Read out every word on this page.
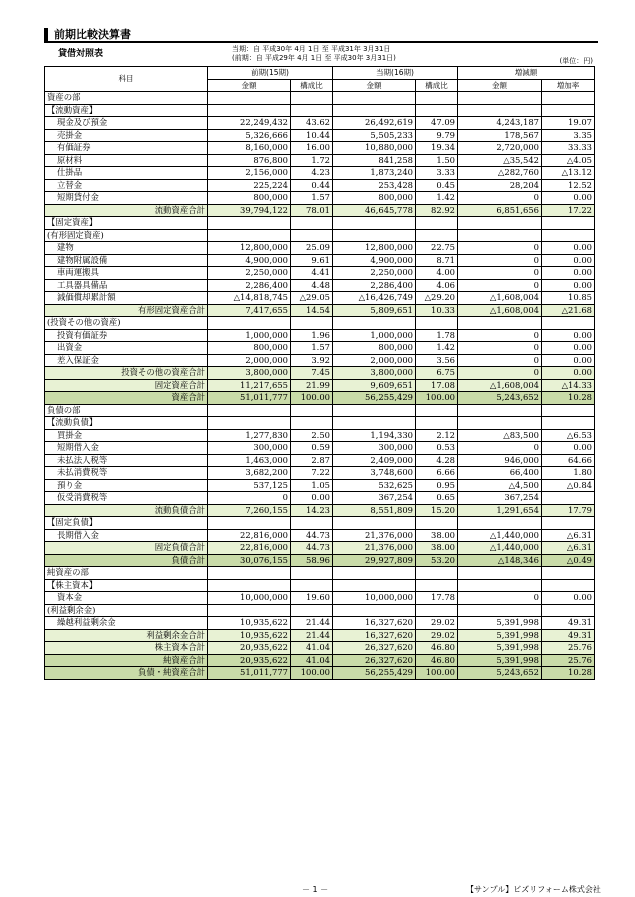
前期比較決算書
貸借対照表	当期：自 平成30年 4月 1日 至 平成31年 3月31日
(前期：自 平成29年 4月 1日 至 平成30年 3月31日)	(単位：円)
科目	前期(15期)		当期(16期)		増減額	
	金額	構成比	金額	構成比	金額	増加率
資産の部						
【流動資産】						
現金及び預金	22,249,432	43.62	26,492,619	47.09	4,243,187	19.07
売掛金	5,326,666	10.44	5,505,233	9.79	178,567	3.35
有価証券	8,160,000	16.00	10,880,000	19.34	2,720,000	33.33
原材料	876,800	1.72	841,258	1.50	△35,542	△4.05
仕掛品	2,156,000	4.23	1,873,240	3.33	△282,760	△13.12
立替金	225,224	0.44	253,428	0.45	28,204	12.52
短期貸付金	800,000	1.57	800,000	1.42	0	0.00
流動資産合計	39,794,122	78.01	46,645,778	82.92	6,851,656	17.22
【固定資産】						
(有形固定資産)						
建物	12,800,000	25.09	12,800,000	22.75	0	0.00
建物附属設備	4,900,000	9.61	4,900,000	8.71	0	0.00
車両運搬具	2,250,000	4.41	2,250,000	4.00	0	0.00
工具器具備品	2,286,400	4.48	2,286,400	4.06	0	0.00
減価償却累計額	△14,818,745	△29.05	△16,426,749	△29.20	△1,608,004	10.85
有形固定資産合計	7,417,655	14.54	5,809,651	10.33	△1,608,004	△21.68
(投資その他の資産)						
投資有価証券	1,000,000	1.96	1,000,000	1.78	0	0.00
出資金	800,000	1.57	800,000	1.42	0	0.00
差入保証金	2,000,000	3.92	2,000,000	3.56	0	0.00
投資その他の資産合計	3,800,000	7.45	3,800,000	6.75	0	0.00
固定資産合計	11,217,655	21.99	9,609,651	17.08	△1,608,004	△14.33
資産合計	51,011,777	100.00	56,255,429	100.00	5,243,652	10.28
負債の部						
【流動負債】						
買掛金	1,277,830	2.50	1,194,330	2.12	△83,500	△6.53
短期借入金	300,000	0.59	300,000	0.53	0	0.00
未払法人税等	1,463,000	2.87	2,409,000	4.28	946,000	64.66
未払消費税等	3,682,200	7.22	3,748,600	6.66	66,400	1.80
預り金	537,125	1.05	532,625	0.95	△4,500	△0.84
仮受消費税等	0	0.00	367,254	0.65	367,254	
流動負債合計	7,260,155	14.23	8,551,809	15.20	1,291,654	17.79
【固定負債】						
長期借入金	22,816,000	44.73	21,376,000	38.00	△1,440,000	△6.31
固定負債合計	22,816,000	44.73	21,376,000	38.00	△1,440,000	△6.31
負債合計	30,076,155	58.96	29,927,809	53.20	△148,346	△0.49
純資産の部						
【株主資本】						
資本金	10,000,000	19.60	10,000,000	17.78	0	0.00
(利益剰余金)						
繰越利益剰余金	10,935,622	21.44	16,327,620	29.02	5,391,998	49.31
利益剰余金合計	10,935,622	21.44	16,327,620	29.02	5,391,998	49.31
株主資本合計	20,935,622	41.04	26,327,620	46.80	5,391,998	25.76
純資産合計	20,935,622	41.04	26,327,620	46.80	5,391,998	25.76
負債・純資産合計	51,011,777	100.00	56,255,429	100.00	5,243,652	10.28
－ 1 －	【サンプル】ビズリフォーム株式会社
